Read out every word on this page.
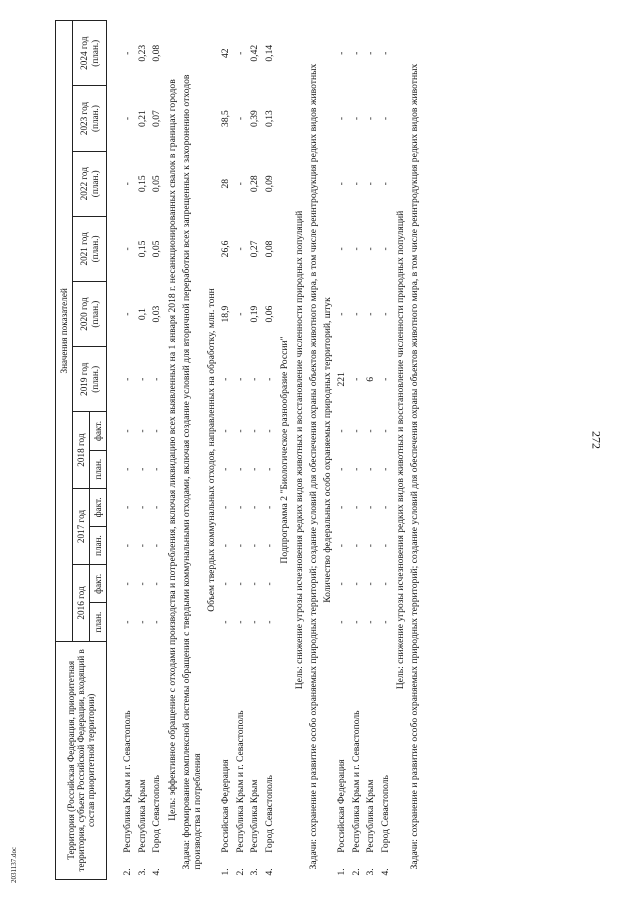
272
2031137.doc
Территория (Российская Федерация, приоритетная территория, субъект Российской Федерации, входящий в состав приоритетной территории)		Значения показателей											
		2016 год		2017 год		2018 год		2019 год (план.)	2020 год (план.)	2021 год (план.)	2022 год (план.)	2023 год (план.)	2024 год (план.)
		план.	факт.	план.	факт.	план.	факт.						

2.	Республика Крым и г. Севастополь	-	-	-	-	-	-	-	-	-	-	-	-
3.	Республика Крым	-	-	-	-	-	-	-	0,1	0,15	0,15	0,21	0,23
4.	Город Севастополь	-	-	-	-	-	-	-	0,03	0,05	0,05	0,07	0,08
Цель: эффективное обращение с отходами производства и потребления, включая ликвидацию всех выявленных на 1 января 2018 г. несанкционированных свалок в границах городов													
Задача: формирование комплексной системы обращения с твердыми коммунальными отходами, включая создание условий для вторичной переработки всех запрещенных к захоронению отходов производства и потребления													
Объем твердых коммунальных отходов, направленных на обработку, млн. тонн													
1.	Российская Федерация	-	-	-	-	-	-	-	18,9	26,6	28	38,5	42
2.	Республика Крым и г. Севастополь	-	-	-	-	-	-	-	-	-	-	-	-
3.	Республика Крым	-	-	-	-	-	-	-	0,19	0,27	0,28	0,39	0,42
4.	Город Севастополь	-	-	-	-	-	-	-	0,06	0,08	0,09	0,13	0,14
Подпрограмма 2 "Биологическое разнообразие России"													
Цель: снижение угрозы исчезновения редких видов животных и восстановление численности природных популяций													
Задачи: сохранение и развитие особо охраняемых природных территорий; создание условий для обеспечения охраны объектов животного мира, в том числе реинтродукция редких видов животных													
Количество федеральных особо охраняемых природных территорий, штук													
1.	Российская Федерация	-	-	-	-	-	-	221	-	-	-	-	-
2.	Республика Крым и г. Севастополь	-	-	-	-	-	-	-	-	-	-	-	-
3.	Республика Крым	-	-	-	-	-	-	6	-	-	-	-	-
4.	Город Севастополь	-	-	-	-	-	-	-	-	-	-	-	-
Цель: снижение угрозы исчезновения редких видов животных и восстановление численности природных популяций													
Задачи: сохранение и развитие особо охраняемых природных территорий; создание условий для обеспечения охраны объектов животного мира, в том числе реинтродукция редких видов животных													
